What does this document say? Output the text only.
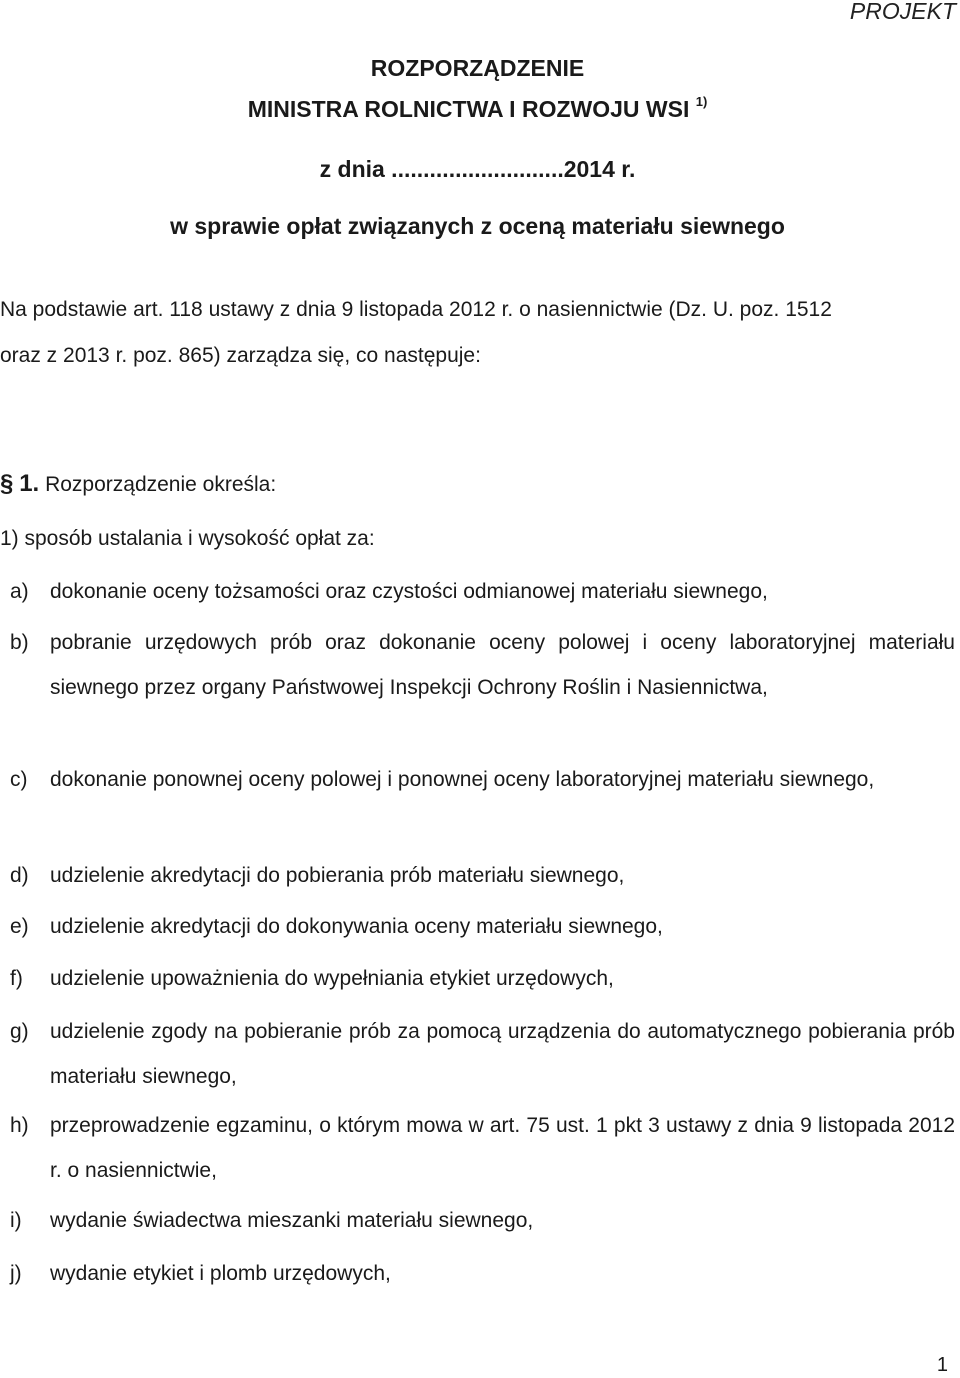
PROJEKT
ROZPORZĄDZENIE
MINISTRA ROLNICTWA I ROZWOJU WSI $^{1)}$
z dnia ...........................2014 r.
w sprawie opłat związanych z oceną materiału siewnego
Na podstawie art. 118 ustawy z dnia 9 listopada 2012 r. o nasiennictwie (Dz. U. poz. 1512
oraz z 2013 r. poz. 865) zarządza się, co następuje:
§ 1. Rozporządzenie określa:
1) sposób ustalania i wysokość opłat za:
a) dokonanie oceny tożsamości oraz czystości odmianowej materiału siewnego,
b) pobranie urzędowych prób oraz dokonanie oceny polowej i oceny laboratoryjnej materiału siewnego przez organy Państwowej Inspekcji Ochrony Roślin i Nasiennictwa,
c) dokonanie ponownej oceny polowej i ponownej oceny laboratoryjnej materiału siewnego,
d) udzielenie akredytacji do pobierania prób materiału siewnego,
e) udzielenie akredytacji do dokonywania oceny materiału siewnego,
f) udzielenie upoważnienia do wypełniania etykiet urzędowych,
g) udzielenie zgody na pobieranie prób za pomocą urządzenia do automatycznego pobierania prób materiału siewnego,
h) przeprowadzenie egzaminu, o którym mowa w art. 75 ust. 1 pkt 3 ustawy z dnia 9 listopada 2012 r. o nasiennictwie,
i) wydanie świadectwa mieszanki materiału siewnego,
j) wydanie etykiet i plomb urzędowych,
1
